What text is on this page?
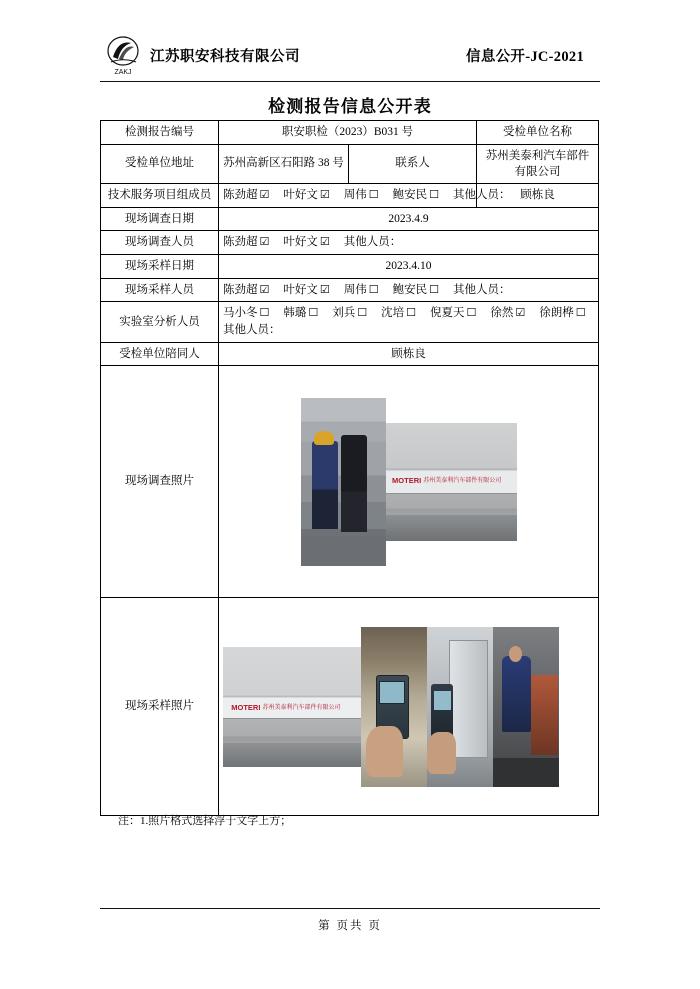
ZAKJ
江苏职安科技有限公司	信息公开-JC-2021
检测报告信息公开表
检测报告编号	职安职检（2023）B031 号		受检单位名称

受检单位地址	苏州高新区石阳路 38 号	联系人	苏州美泰利汽车部件有限公司
技术服务项目组成员	陈劲超 ☑ 叶好文 ☑ 周伟 ☐ 鲍安民 ☐ 其他人员：		顾栋良
现场调查日期	2023.4.9		
现场调查人员	陈劲超 ☑ 叶好文 ☑ 其他人员：		
现场采样日期	2023.4.10		
现场采样人员	陈劲超 ☑ 叶好文 ☑ 周伟 ☐ 鲍安民 ☐ 其他人员：		
实验室分析人员	马小冬 ☐ 韩璐 ☐ 刘兵 ☐ 沈培 ☐ 倪夏天 ☐ 徐然 ☑ 徐朗桦 ☐
其他人员：		
受检单位陪同人	顾栋良		
现场调查照片	MOTERI 苏州美泰利汽车部件有限公司		

现场采样照片	MOTERI 苏州美泰利汽车部件有限公司		
注：1.照片格式选择浮于文字上方；
第 页共 页
